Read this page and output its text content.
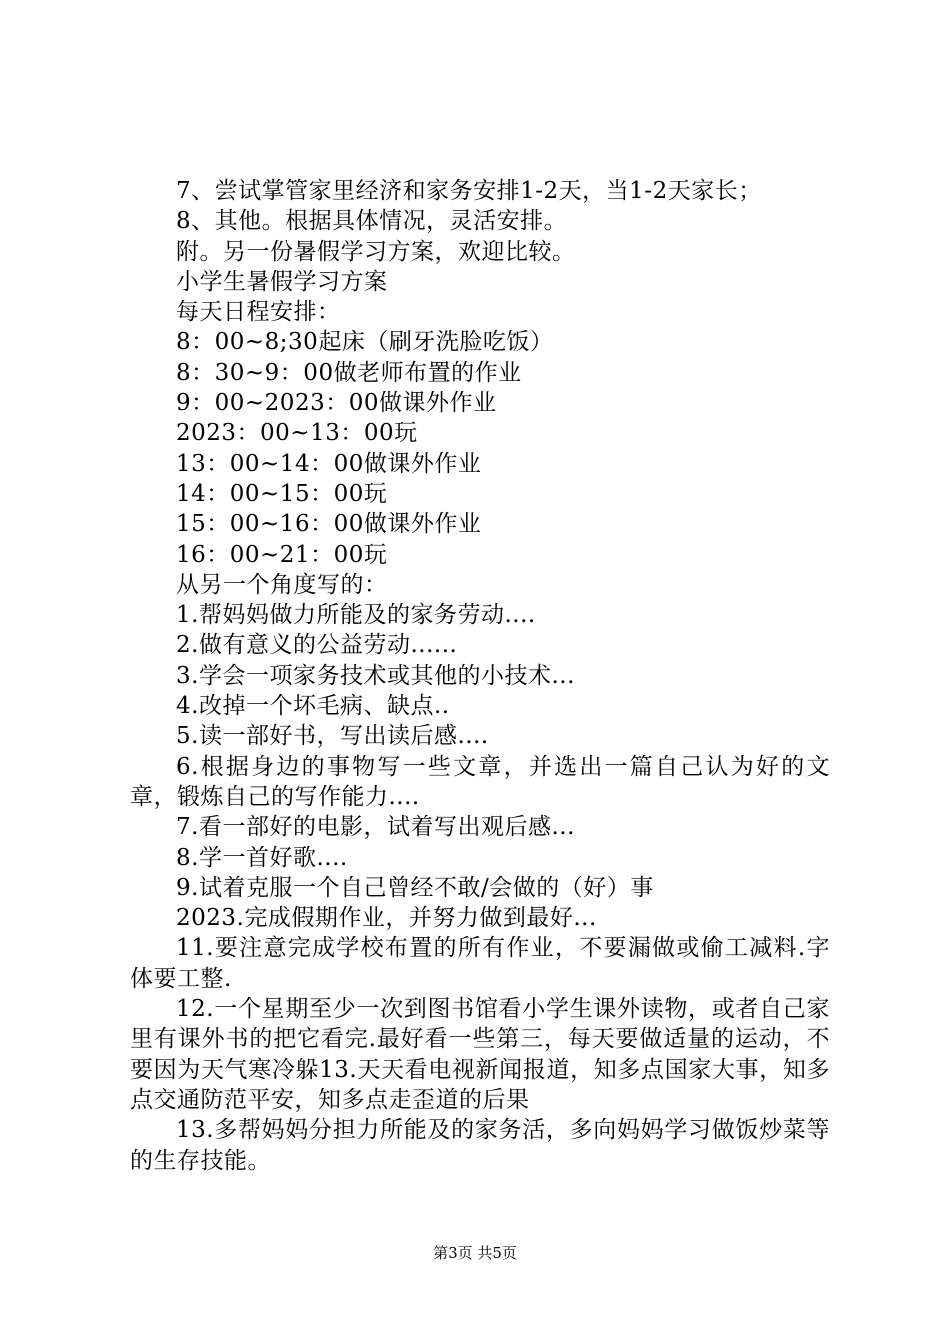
7、尝试掌管家里经济和家务安排1-2天，当1-2天家长；
8、其他。根据具体情况，灵活安排。
附。另一份暑假学习方案，欢迎比较。
小学生暑假学习方案
每天日程安排：
8：00~8;30起床（刷牙洗脸吃饭）
8：30~9：00做老师布置的作业
9：00~2023：00做课外作业
2023：00~13：00玩
13：00~14：00做课外作业
14：00~15：00玩
15：00~16：00做课外作业
16：00~21：00玩
从另一个角度写的：
1.帮妈妈做力所能及的家务劳动....
2.做有意义的公益劳动......
3.学会一项家务技术或其他的小技术...
4.改掉一个坏毛病、缺点..
5.读一部好书，写出读后感....
6.根据身边的事物写一些文章，并选出一篇自己认为好的文章，锻炼自己的写作能力....
7.看一部好的电影，试着写出观后感...
8.学一首好歌....
9.试着克服一个自己曾经不敢/会做的（好）事
2023.完成假期作业，并努力做到最好...
11.要注意完成学校布置的所有作业，不要漏做或偷工减料.字体要工整.
12.一个星期至少一次到图书馆看小学生课外读物，或者自己家里有课外书的把它看完.最好看一些第三，每天要做适量的运动，不要因为天气寒冷躲13.天天看电视新闻报道，知多点国家大事，知多点交通防范平安，知多点走歪道的后果
13.多帮妈妈分担力所能及的家务活，多向妈妈学习做饭炒菜等的生存技能。
第3页 共5页
